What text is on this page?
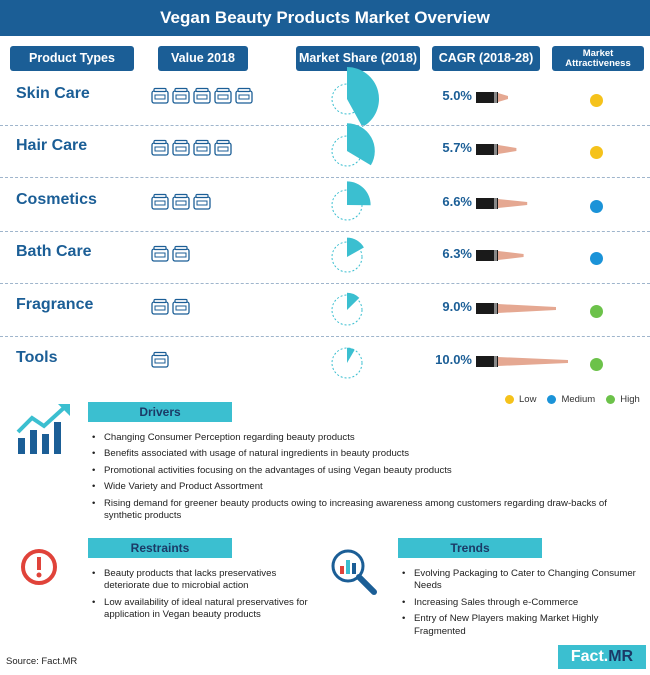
Vegan Beauty Products Market Overview
Product Types	Value 2018	Market Share (2018)	CAGR (2018-28)	Market Attractiveness
Skin Care	5.0%
Hair Care	5.7%
Cosmetics	6.6%
Bath Care	6.3%
Fragrance	9.0%
Tools	10.0%
Low	Medium	High
Drivers
• Changing Consumer Perception regarding beauty products
• Benefits associated with usage of natural ingredients in beauty products
• Promotional activities focusing on the advantages of using Vegan beauty products
• Wide Variety and Product Assortment
• Rising demand for greener beauty products owing to increasing awareness among customers regarding draw-backs of synthetic products
Restraints
• Beauty products that lacks preservatives deteriorate due to microbial action
• Low availability of ideal natural preservatives for application in Vegan beauty products
Trends
• Evolving Packaging to Cater to Changing Consumer Needs
• Increasing Sales through e-Commerce
• Entry of New Players making Market Highly Fragmented
Source: Fact.MR	Fact. MR
